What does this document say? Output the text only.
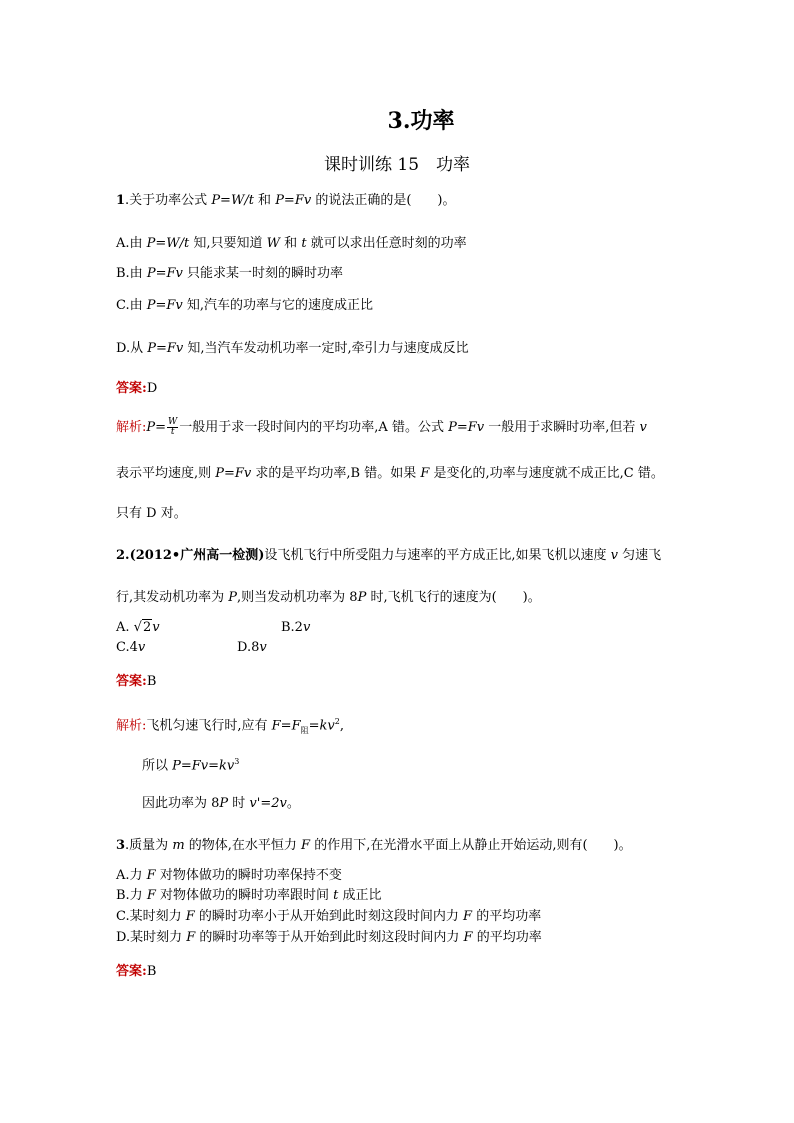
3.功率
课时训练 15　功率
1.关于功率公式 P=W/t 和 P=Fv 的说法正确的是(　　)。
A.由 P=W/t 知,只要知道 W 和 t 就可以求出任意时刻的功率
B.由 P=Fv 只能求某一时刻的瞬时功率
C.由 P=Fv 知,汽车的功率与它的速度成正比
D.从 P=Fv 知,当汽车发动机功率一定时,牵引力与速度成反比
答案:D
解析:P= $\frac{W}{t}$ 一般用于求一段时间内的平均功率,A 错。公式 P=Fv 一般用于求瞬时功率,但若 v
表示平均速度,则 P=Fv 求的是平均功率,B 错。如果 F 是变化的,功率与速度就不成正比,C 错。
只有 D 对。
2.(2012•广州高一检测)设飞机飞行中所受阻力与速率的平方成正比,如果飞机以速度 v 匀速飞
行,其发动机功率为 P,则当发动机功率为 8P 时,飞机飞行的速度为(　　)。
A. √2v	B.2v
C.4v	D.8v
答案:B
解析:飞机匀速飞行时,应有 $F=F_阻=kv^2$,
所以 $P=Fv=kv^3$
因此功率为 8P 时 v'=2v。
3.质量为 m 的物体,在水平恒力 F 的作用下,在光滑水平面上从静止开始运动,则有(　　)。
A.力 F 对物体做功的瞬时功率保持不变
B.力 F 对物体做功的瞬时功率跟时间 t 成正比
C.某时刻力 F 的瞬时功率小于从开始到此时刻这段时间内力 F 的平均功率
D.某时刻力 F 的瞬时功率等于从开始到此时刻这段时间内力 F 的平均功率
答案:B
